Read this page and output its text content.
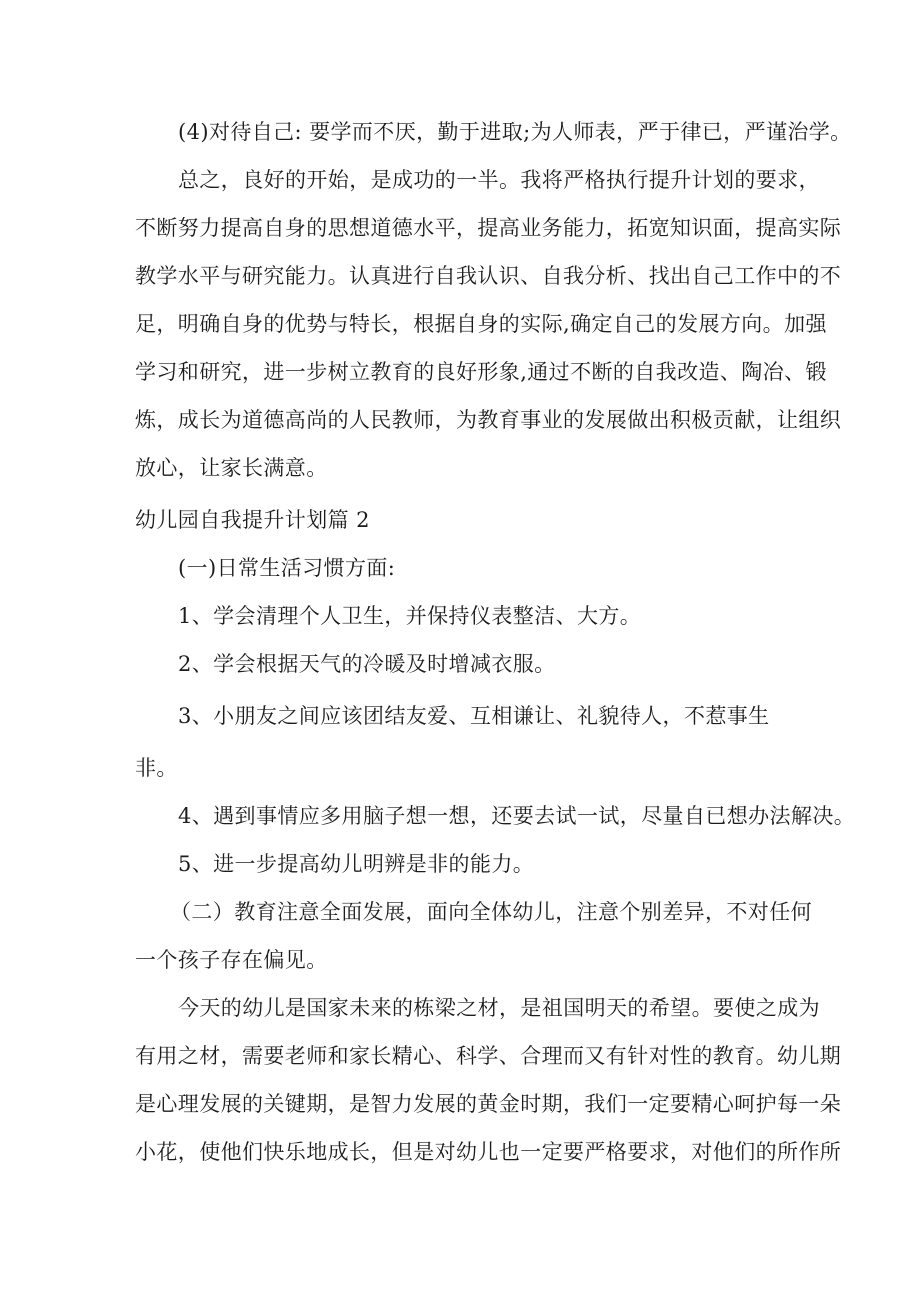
(4)对待自己: 要学而不厌，勤于进取;为人师表，严于律已，严谨治学。
总之，良好的开始，是成功的一半。我将严格执行提升计划的要求，
不断努力提高自身的思想道德水平，提高业务能力，拓宽知识面，提高实际
教学水平与研究能力。认真进行自我认识、自我分析、找出自己工作中的不
足，明确自身的优势与特长，根据自身的实际,确定自己的发展方向。加强
学习和研究，进一步树立教育的良好形象,通过不断的自我改造、陶冶、锻
炼，成长为道德高尚的人民教师，为教育事业的发展做出积极贡献，让组织
放心，让家长满意。
幼儿园自我提升计划篇 2
(一)日常生活习惯方面:
1、学会清理个人卫生，并保持仪表整洁、大方。
2、学会根据天气的冷暖及时增减衣服。
3、小朋友之间应该团结友爱、互相谦让、礼貌待人，不惹事生
非。
4、遇到事情应多用脑子想一想，还要去试一试，尽量自已想办法解决。
5、进一步提高幼儿明辨是非的能力。
（二）教育注意全面发展，面向全体幼儿，注意个别差异，不对任何
一个孩子存在偏见。
今天的幼儿是国家未来的栋梁之材，是祖国明天的希望。要使之成为
有用之材，需要老师和家长精心、科学、合理而又有针对性的教育。幼儿期
是心理发展的关键期，是智力发展的黄金时期，我们一定要精心呵护每一朵
小花，使他们快乐地成长，但是对幼儿也一定要严格要求，对他们的所作所
